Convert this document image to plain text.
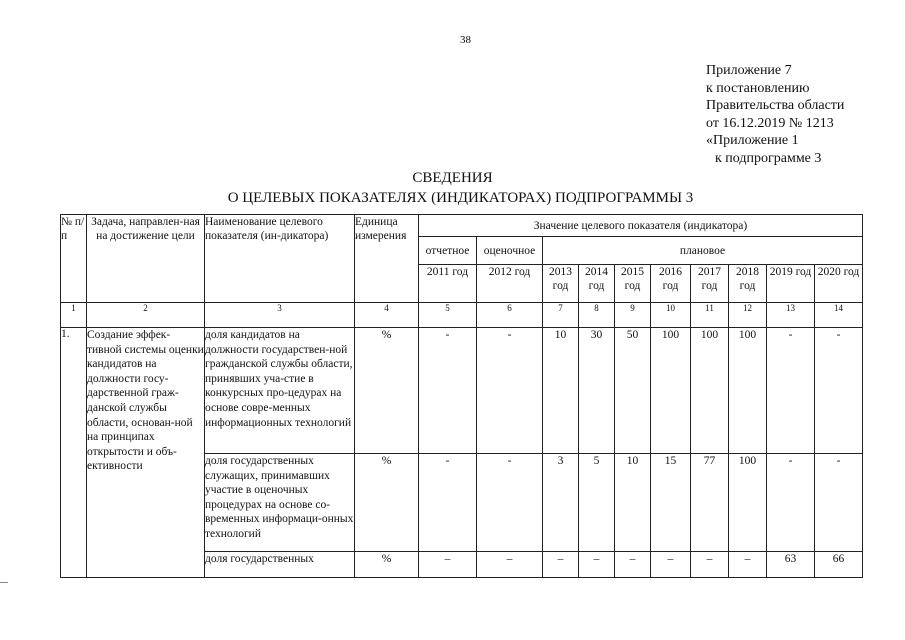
38
Приложение 7
к постановлению
Правительства области
от 16.12.2019 № 1213
«Приложение 1
к подпрограмме 3
СВЕДЕНИЯ
О ЦЕЛЕВЫХ ПОКАЗАТЕЛЯХ (ИНДИКАТОРАХ) ПОДПРОГРАММЫ 3
№ п/п	Задача, направлен-ная на достижение цели	Наименование целевого показателя (ин-дикатора)	Единица измерения	Значение целевого показателя (индикатора)									
				отчетное	оценочное	плановое							

				2011 год	2012 год	2013 год	2014 год	2015 год	2016 год	2017 год	2018 год	2019 год	2020 год
1	2	3	4	5	6	7	8	9	10	11	12	13	14
1.	Создание эффек-тивной системы оценки кандидатов на должности госу-дарственной граж-данской службы области, основан-ной на принципах открытости и объ-ективности	доля кандидатов на должности государствен-ной гражданской службы области, принявших уча-стие в конкурсных про-цедурах на основе совре-менных информационных технологий	%	-	-	10	30	50	100	100	100	-	-
		доля государственных служащих, принимавших участие в оценочных процедурах на основе со-временных информаци-онных технологий	%	-	-	3	5	10	15	77	100	-	-
		доля государственных	%	–	–	–	–	–	–	–	–	63	66
